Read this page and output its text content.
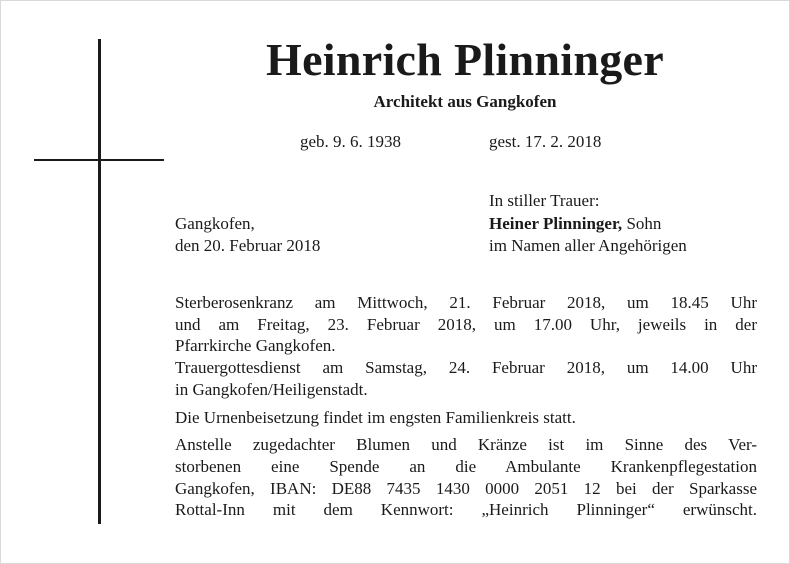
Heinrich Plinninger
Architekt aus Gangkofen
geb. 9. 6. 1938	gest. 17. 2. 2018
Gangkofen,
den 20. Februar 2018
In stiller Trauer:
Heiner Plinninger, Sohn
im Namen aller Angehörigen

Sterberosenkranz am Mittwoch, 21. Februar 2018, um 18.45 Uhr
und am Freitag, 23. Februar 2018, um 17.00 Uhr, jeweils in der
Pfarrkirche Gangkofen.

Trauergottesdienst am Samstag, 24. Februar 2018, um 14.00 Uhr
in Gangkofen/Heiligenstadt.

Die Urnenbeisetzung findet im engsten Familienkreis statt.

Anstelle zugedachter Blumen und Kränze ist im Sinne des Ver-
storbenen eine Spende an die Ambulante Krankenpflegestation
Gangkofen, IBAN: DE88 7435 1430 0000 2051 12 bei der Sparkasse
Rottal-Inn mit dem Kennwort: „Heinrich Plinninger“ erwünscht.
